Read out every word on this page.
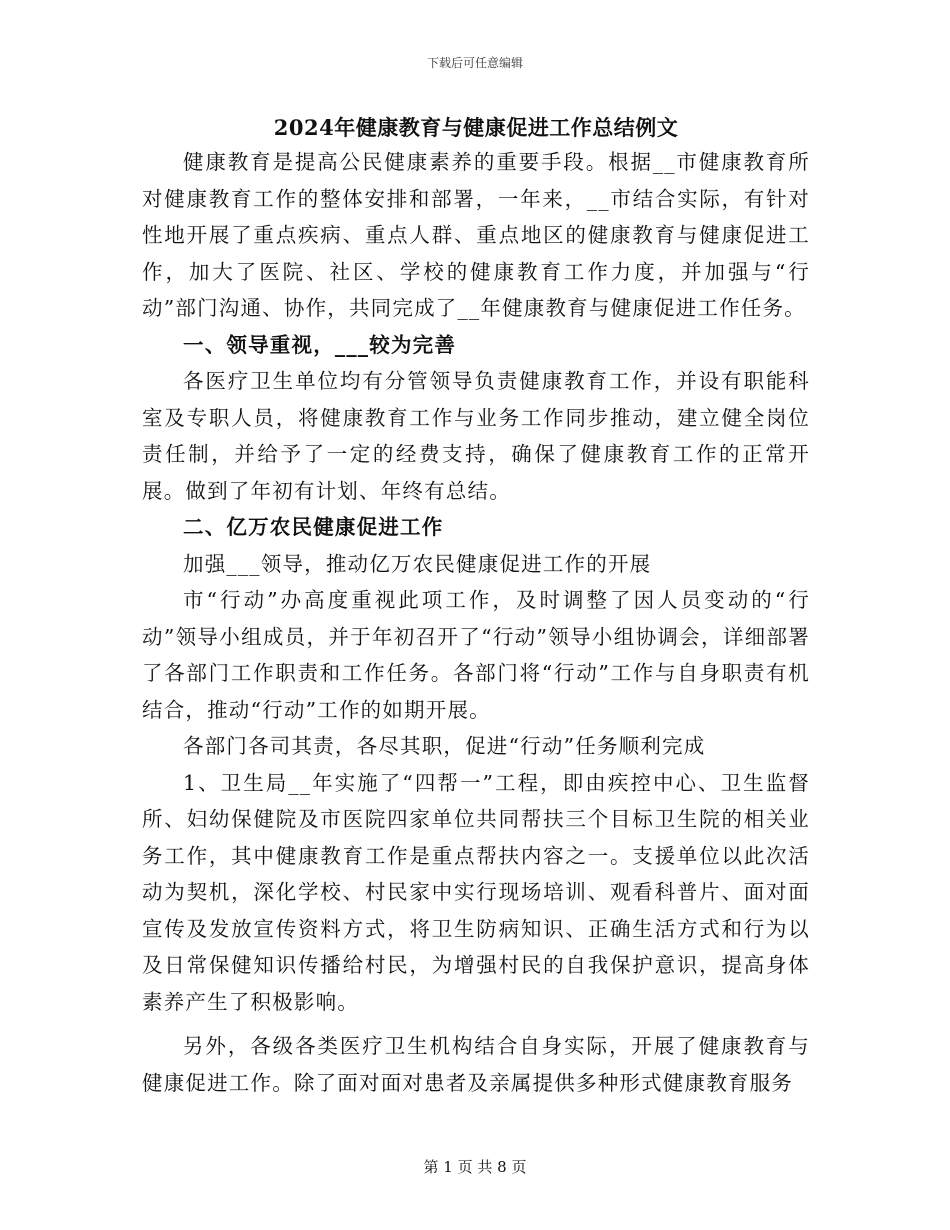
下载后可任意编辑
2024年健康教育与健康促进工作总结例文

健康教育是提高公民健康素养的重要手段。根据__市健康教育所对健康教育工作的整体安排和部署，一年来，__市结合实际，有针对性地开展了重点疾病、重点人群、重点地区的健康教育与健康促进工作，加大了医院、社区、学校的健康教育工作力度，并加强与“行动”部门沟通、协作，共同完成了__年健康教育与健康促进工作任务。

一、领导重视，___较为完善

各医疗卫生单位均有分管领导负责健康教育工作，并设有职能科室及专职人员，将健康教育工作与业务工作同步推动，建立健全岗位责任制，并给予了一定的经费支持，确保了健康教育工作的正常开展。做到了年初有计划、年终有总结。

二、亿万农民健康促进工作

加强___领导，推动亿万农民健康促进工作的开展

市“行动”办高度重视此项工作，及时调整了因人员变动的“行动”领导小组成员，并于年初召开了“行动”领导小组协调会，详细部署了各部门工作职责和工作任务。各部门将“行动”工作与自身职责有机结合，推动“行动”工作的如期开展。

各部门各司其责，各尽其职，促进“行动”任务顺利完成

1、卫生局__年实施了“四帮一”工程，即由疾控中心、卫生监督所、妇幼保健院及市医院四家单位共同帮扶三个目标卫生院的相关业务工作，其中健康教育工作是重点帮扶内容之一。支援单位以此次活动为契机，深化学校、村民家中实行现场培训、观看科普片、面对面宣传及发放宣传资料方式，将卫生防病知识、正确生活方式和行为以及日常保健知识传播给村民，为增强村民的自我保护意识，提高身体素养产生了积极影响。

另外，各级各类医疗卫生机构结合自身实际，开展了健康教育与健康促进工作。除了面对面对患者及亲属提供多种形式健康教育服务

第 1 页 共 8 页
